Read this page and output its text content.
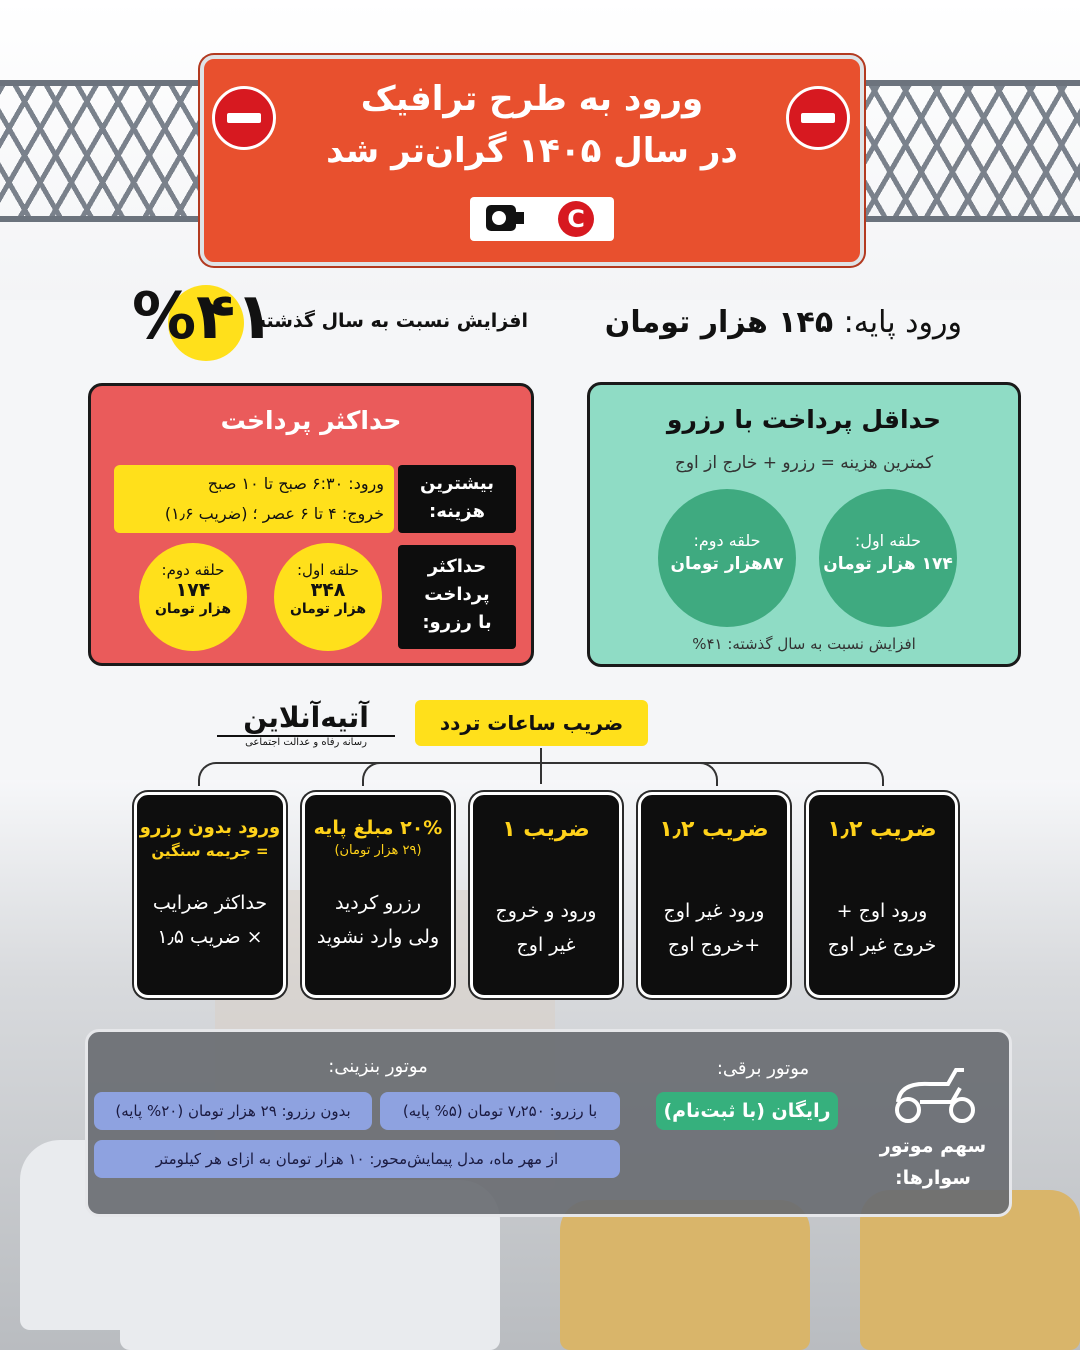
ورود به طرح ترافیک
در سال ۱۴۰۵ گران‌تر شد
C
ورود پایه: ۱۴۵ هزار تومان
افزایش نسبت به سال گذشته
%۴۱
حداکثر پرداخت
بیشترین
هزینه:
ورود: ۶:۳۰ صبح تا ۱۰ صبح
خروج: ۴ تا ۶ عصر ؛ (ضریب ۱٫۶)
حداکثر
پرداخت
با رزرو:
حلقه اول:
۳۴۸
هزار تومان
حلقه دوم:
۱۷۴
هزار تومان
حداقل پرداخت با رزرو
کمترین هزینه = رزرو + خارج از اوج
حلقه اول:
۱۷۴ هزار تومان
حلقه دوم:
۸۷هزار تومان
افزایش نسبت به سال گذشته: ۴۱%
آتیه‌آنلاین
رسانه رفاه و عدالت اجتماعی
ضریب ساعات تردد
ضریب ۱٫۲
ورود اوج +
خروج غیر اوج
ضریب ۱٫۲
ورود غیر اوج
+خروج اوج
ضریب ۱
ورود و خروج
غیر اوج
۲۰% مبلغ پایه
(۲۹ هزار تومان)
رزرو کردید
ولی وارد نشوید
ورود بدون رزرو
= جریمه سنگین
حداکثر ضرایب
× ضریب ۱٫۵
سهم موتور
سوارها:
موتور برقی:
رایگان (با ثبت‌نام)
موتور بنزینی:
با رزرو: ۷٫۲۵۰ تومان (۵% پایه)
بدون رزرو: ۲۹ هزار تومان (۲۰% پایه)
از مهر ماه، مدل پیمایش‌محور: ۱۰ هزار تومان به ازای هر کیلومتر
